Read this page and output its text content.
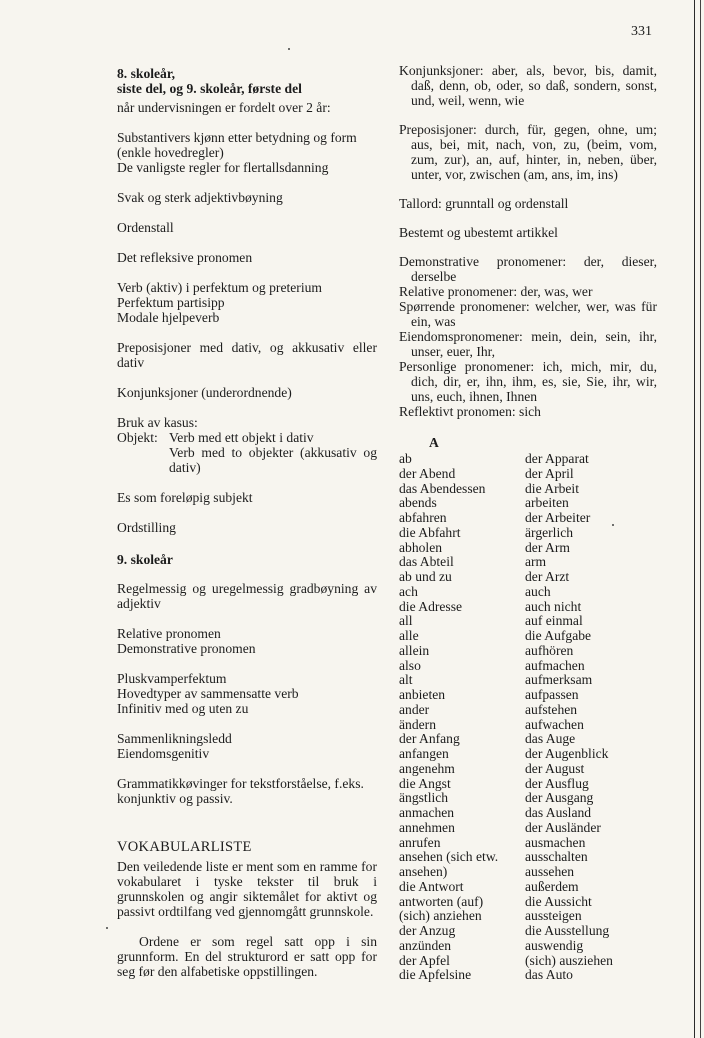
331

8. skoleår,

siste del, og 9. skoleår, første del

når undervisningen er fordelt over 2 år:

Substantivers kjønn etter betydning og form

(enkle hovedregler)

De vanligste regler for flertallsdanning

Svak og sterk adjektivbøyning

Ordenstall

Det refleksive pronomen

Verb (aktiv) i perfektum og preterium

Perfektum partisipp

Modale hjelpeverb

Preposisjoner med dativ, og akkusativ eller dativ

Konjunksjoner (underordnende)

Bruk av kasus:

Objekt: Verb med ett objekt i dativ

Verb med to objekter (akkusativ og dativ)

Es som foreløpig subjekt

Ordstilling

9. skoleår

Regelmessig og uregelmessig gradbøyning av adjektiv

Relative pronomen

Demonstrative pronomen

Pluskvamperfektum

Hovedtyper av sammensatte verb

Infinitiv med og uten zu

Sammenlikningsledd

Eiendomsgenitiv

Grammatikkøvinger for tekstforståelse, f.eks. konjunktiv og passiv.

VOKABULARLISTE

Den veiledende liste er ment som en ramme for vokabularet i tyske tekster til bruk i grunnskolen og angir siktemålet for aktivt og passivt ordtilfang ved gjennomgått grunnskole.

Ordene er som regel satt opp i sin grunnform. En del strukturord er satt opp for seg før den alfabetiske oppstillingen.

Konjunksjoner: aber, als, bevor, bis, damit, daß, denn, ob, oder, so daß, sondern, sonst, und, weil, wenn, wie

Preposisjoner: durch, für, gegen, ohne, um; aus, bei, mit, nach, von, zu, (beim, vom, zum, zur), an, auf, hinter, in, neben, über, unter, vor, zwischen (am, ans, im, ins)

Tallord: grunntall og ordenstall

Bestemt og ubestemt artikkel

Demonstrative pronomener: der, dieser, derselbe

Relative pronomener: der, was, wer

Spørrende pronomener: welcher, wer, was für ein, was

Eiendomspronomener: mein, dein, sein, ihr, unser, euer, Ihr,

Personlige pronomener: ich, mich, mir, du, dich, dir, er, ihn, ihm, es, sie, Sie, ihr, wir, uns, euch, ihnen, Ihnen

Reflektivt pronomen: sich

A

ab
der Abend
das Abendessen
abends
abfahren
die Abfahrt
abholen
das Abteil
ab und zu
ach
die Adresse
all
alle
allein
also
alt
anbieten
ander
ändern
der Anfang
anfangen
angenehm
die Angst
ängstlich
anmachen
annehmen
anrufen
ansehen (sich etw.
ansehen)
die Antwort
antworten (auf)
(sich) anziehen
der Anzug
anzünden
der Apfel
die Apfelsine
der Apparat
der April
die Arbeit
arbeiten
der Arbeiter
ärgerlich
der Arm
arm
der Arzt
auch
auch nicht
auf einmal
die Aufgabe
aufhören
aufmachen
aufmerksam
aufpassen
aufstehen
aufwachen
das Auge
der Augenblick
der August
der Ausflug
der Ausgang
das Ausland
der Ausländer
ausmachen
ausschalten
aussehen
außerdem
die Aussicht
aussteigen
die Ausstellung
auswendig
(sich) ausziehen
das Auto
